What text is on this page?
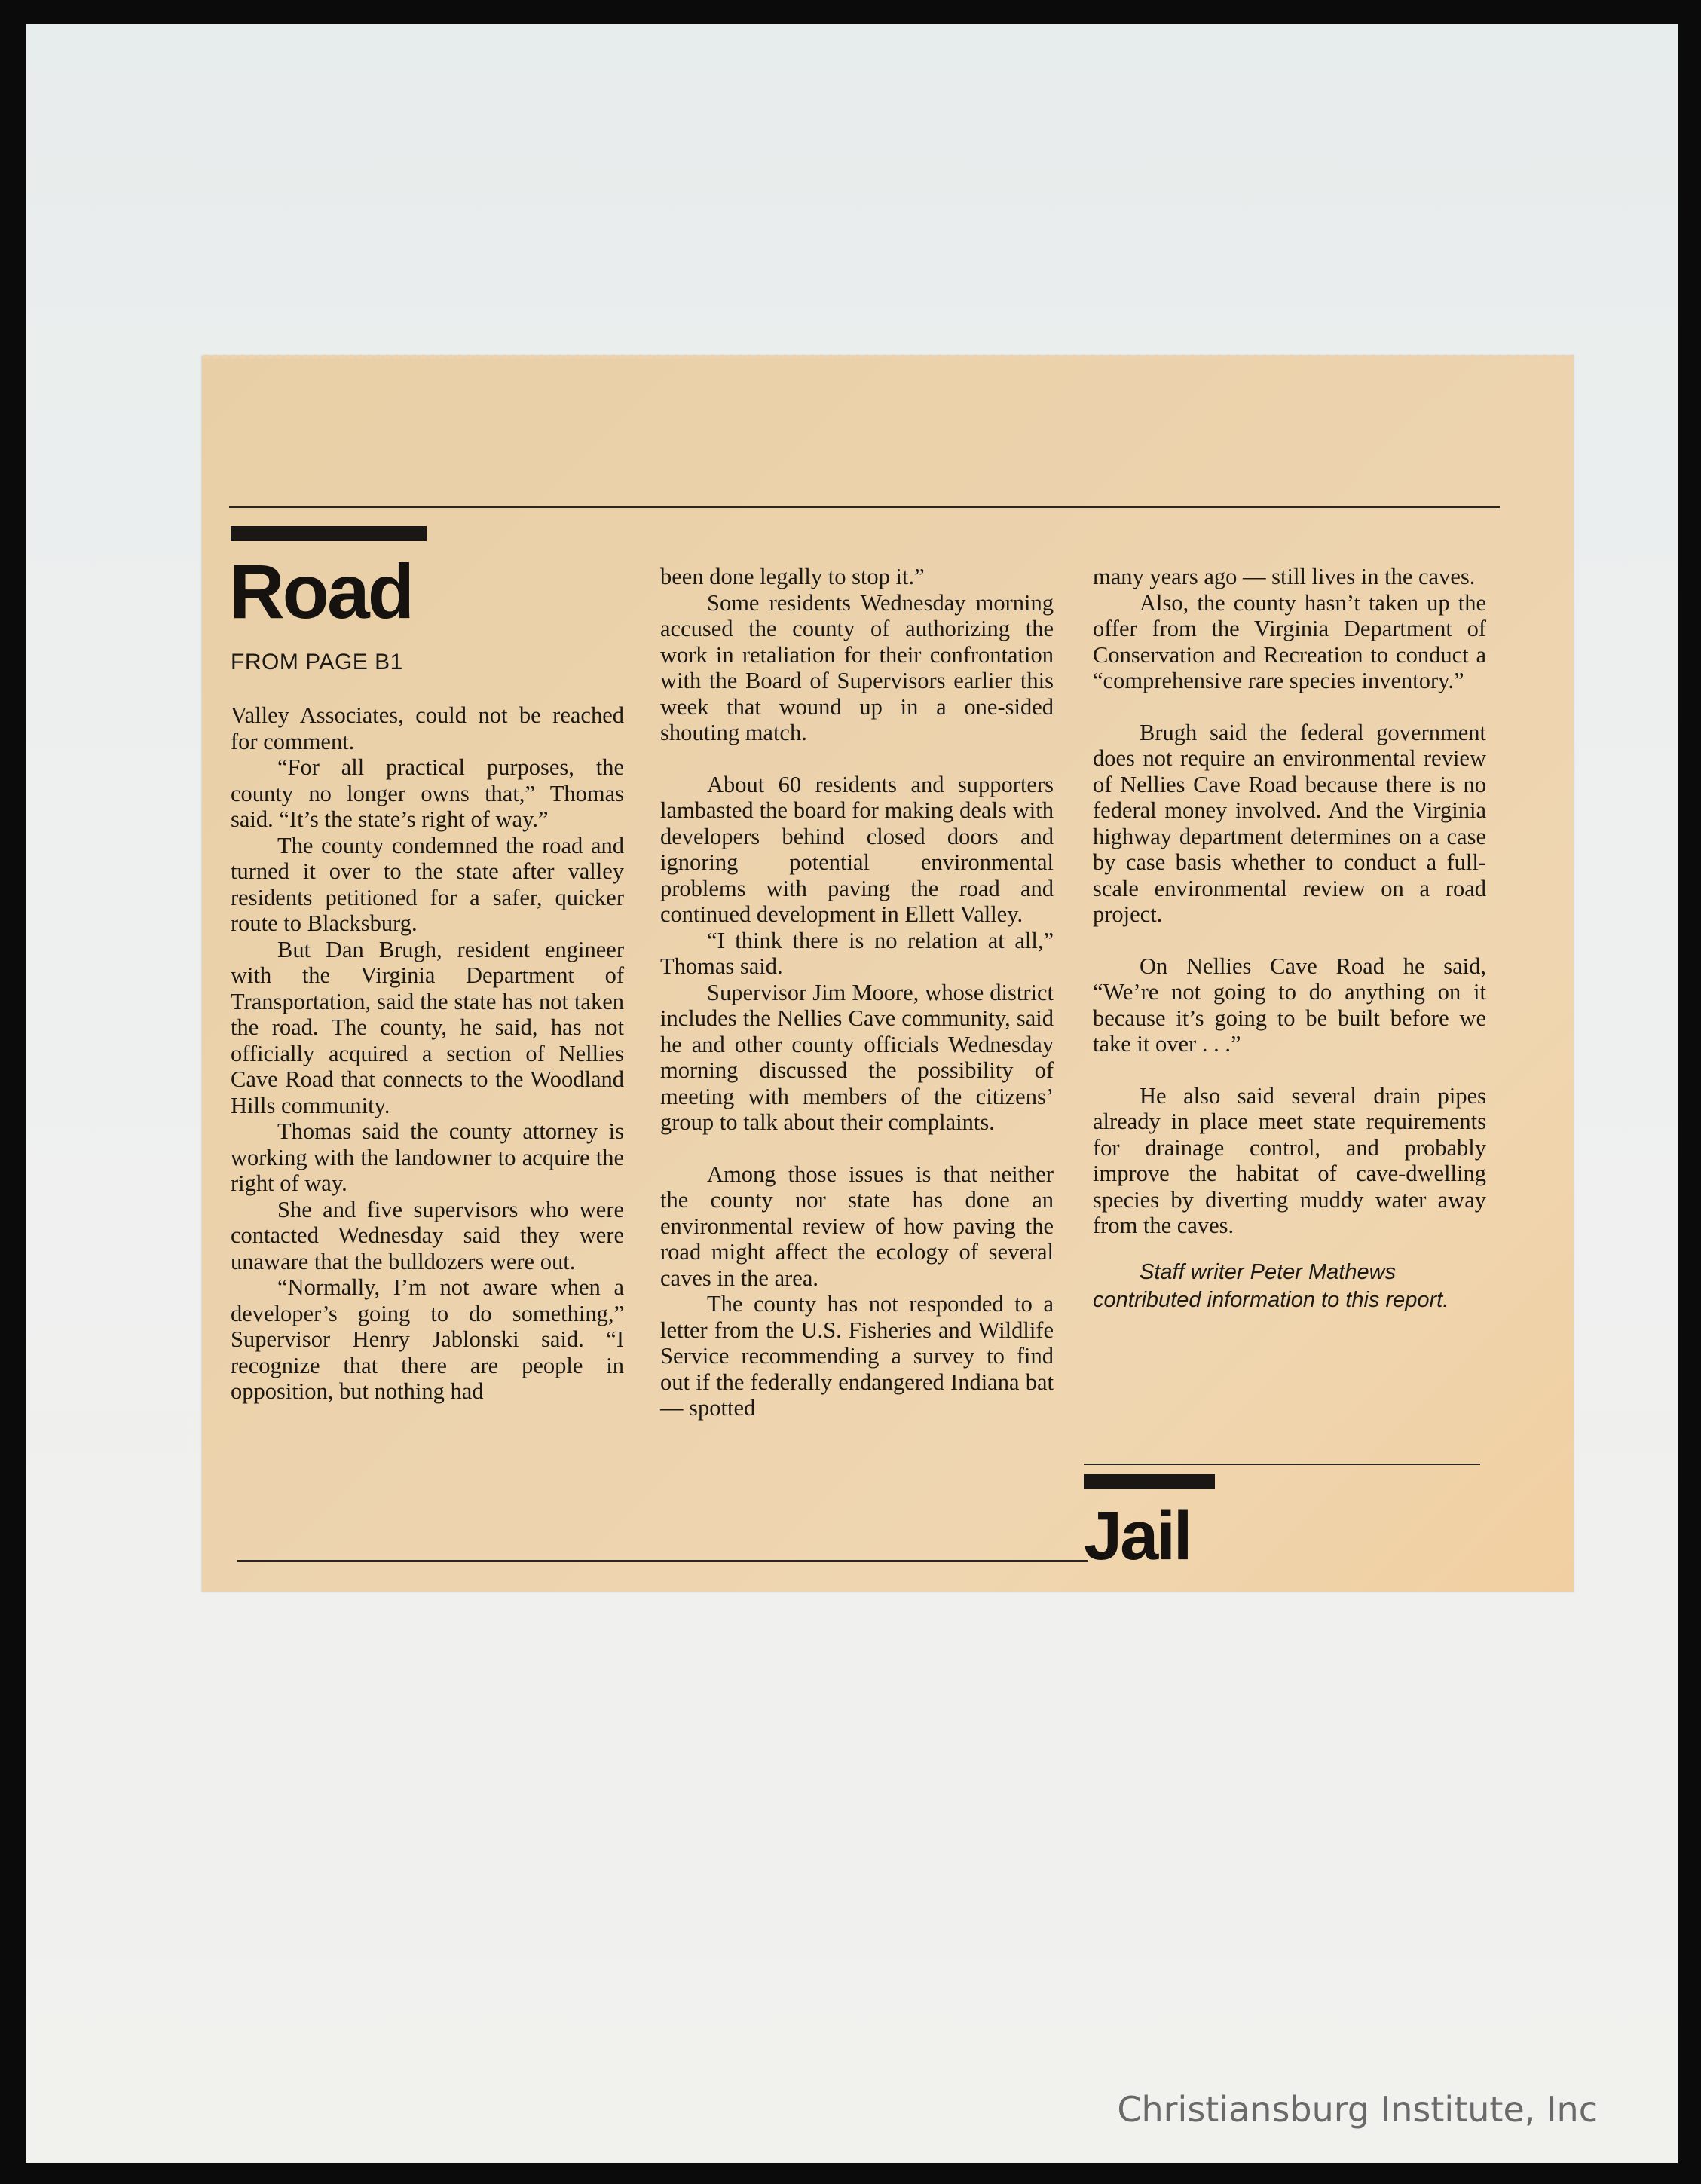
Road
FROM PAGE B1

Valley Associates, could not be reached for comment.

“For all practical purposes, the county no longer owns that,” Thomas said. “It’s the state’s right of way.”

The county condemned the road and turned it over to the state after valley residents petitioned for a safer, quicker route to Blacksburg.

But Dan Brugh, resident engineer with the Virginia Department of Transportation, said the state has not taken the road. The county, he said, has not officially acquired a section of Nellies Cave Road that connects to the Woodland Hills community.

Thomas said the county attorney is working with the landowner to acquire the right of way.

She and five supervisors who were contacted Wednesday said they were unaware that the bulldozers were out.

“Normally, I’m not aware when a developer’s going to do something,” Supervisor Henry Jablonski said. “I recognize that there are people in opposition, but nothing had

been done legally to stop it.”

Some residents Wednesday morning accused the county of authorizing the work in retaliation for their confrontation with the Board of Supervisors earlier this week that wound up in a one-sided shouting match.

About 60 residents and supporters lambasted the board for making deals with developers behind closed doors and ignoring potential environmental problems with paving the road and continued development in Ellett Valley.

“I think there is no relation at all,” Thomas said.

Supervisor Jim Moore, whose district includes the Nellies Cave community, said he and other county officials Wednesday morning discussed the possibility of meeting with members of the citizens’ group to talk about their complaints.

Among those issues is that neither the county nor state has done an environmental review of how paving the road might affect the ecology of several caves in the area.

The county has not responded to a letter from the U.S. Fisheries and Wildlife Service recommending a survey to find out if the federally endangered Indiana bat — spotted

many years ago — still lives in the caves.

Also, the county hasn’t taken up the offer from the Virginia Department of Conservation and Recreation to conduct a “comprehensive rare species inventory.”

Brugh said the federal government does not require an environmental review of Nellies Cave Road because there is no federal money involved. And the Virginia highway department determines on a case by case basis whether to conduct a full-scale environmental review on a road project.

On Nellies Cave Road he said, “We’re not going to do anything on it because it’s going to be built before we take it over . . .”

He also said several drain pipes already in place meet state requirements for drainage control, and probably improve the habitat of cave-dwelling species by diverting muddy water away from the caves.

Staff writer Peter Mathews contributed information to this report.

Jail
Christiansburg Institute, Inc
